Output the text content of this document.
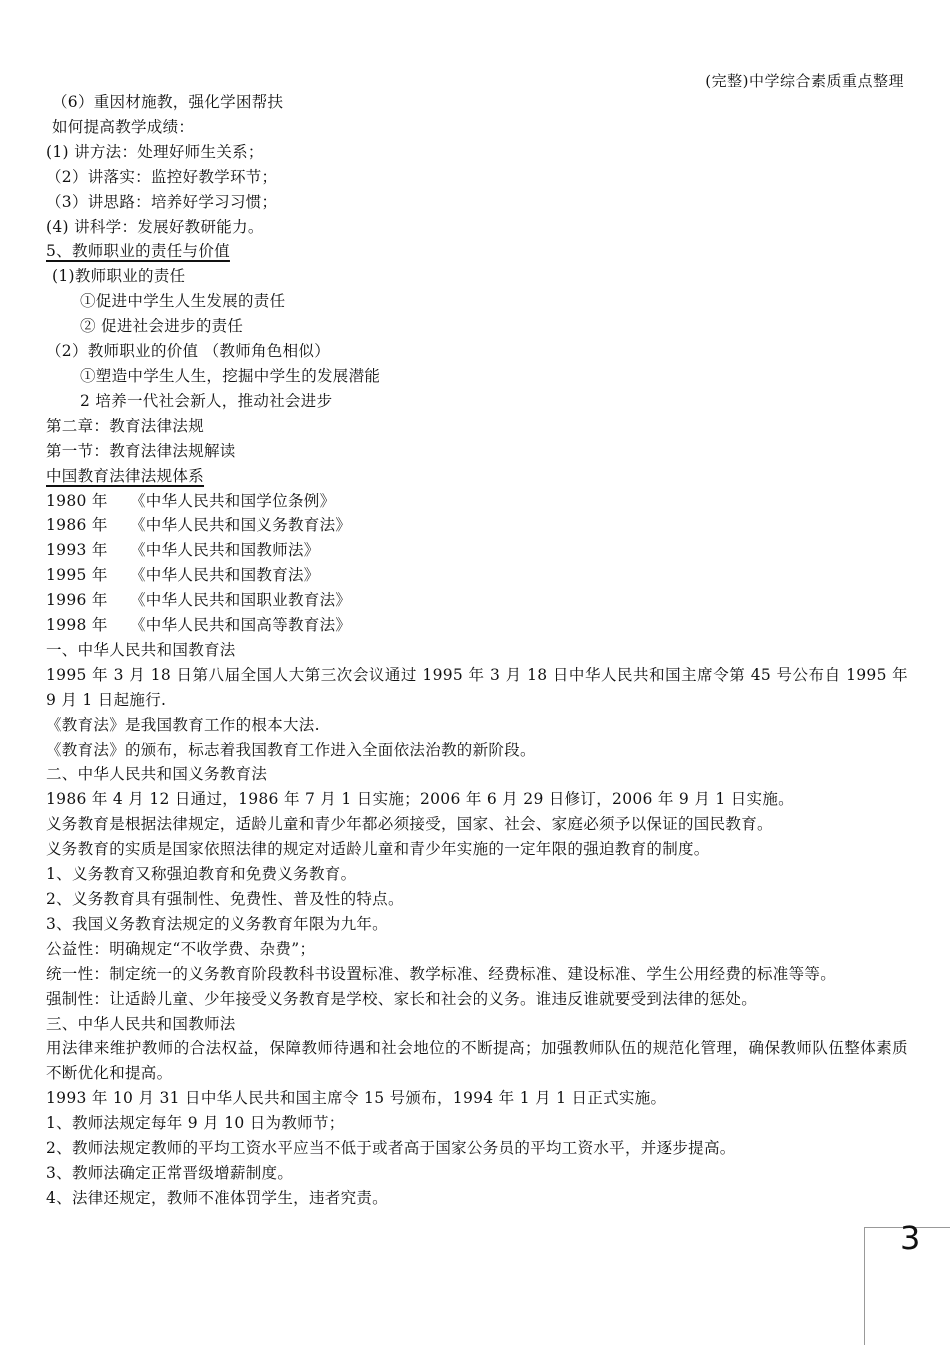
(完整)中学综合素质重点整理
（6）重因材施教，强化学困帮扶
如何提高教学成绩：
(1) 讲方法：处理好师生关系；
（2）讲落实：监控好教学环节；
（3）讲思路：培养好学习习惯；
(4) 讲科学：发展好教研能力。
5、教师职业的责任与价值
(1)教师职业的责任
①促进中学生人生发展的责任
② 促进社会进步的责任
（2）教师职业的价值 （教师角色相似）
①塑造中学生人生，挖掘中学生的发展潜能
2 培养一代社会新人，推动社会进步
第二章：教育法律法规
第一节：教育法律法规解读
中国教育法律法规体系
1980 年 《中华人民共和国学位条例》
1986 年 《中华人民共和国义务教育法》
1993 年 《中华人民共和国教师法》
1995 年 《中华人民共和国教育法》
1996 年 《中华人民共和国职业教育法》
1998 年 《中华人民共和国高等教育法》
一、中华人民共和国教育法
1995 年 3 月 18 日第八届全国人大第三次会议通过 1995 年 3 月 18 日中华人民共和国主席令第 45 号公布自 1995 年 9 月 1 日起施行.
《教育法》是我国教育工作的根本大法.
《教育法》的颁布，标志着我国教育工作进入全面依法治教的新阶段。
二、中华人民共和国义务教育法
1986 年 4 月 12 日通过，1986 年 7 月 1 日实施；2006 年 6 月 29 日修订，2006 年 9 月 1 日实施。
义务教育是根据法律规定，适龄儿童和青少年都必须接受，国家、社会、家庭必须予以保证的国民教育。
义务教育的实质是国家依照法律的规定对适龄儿童和青少年实施的一定年限的强迫教育的制度。
1、义务教育又称强迫教育和免费义务教育。
2、义务教育具有强制性、免费性、普及性的特点。
3、我国义务教育法规定的义务教育年限为九年。
公益性： 明确规定“不收学费、杂费”；
统一性： 制定统一的义务教育阶段教科书设置标准、教学标准、经费标准、建设标准、学生公用经费的标准等等。
强制性： 让适龄儿童、少年接受义务教育是学校、家长和社会的义务。谁违反谁就要受到法律的惩处。
三、中华人民共和国教师法
用法律来维护教师的合法权益，保障教师待遇和社会地位的不断提高；加强教师队伍的规范化管理，确保教师队伍整体素质不断优化和提高。
1993 年 10 月 31 日中华人民共和国主席令 15 号颁布，1994 年 1 月 1 日正式实施。
1、教师法规定每年 9 月 10 日为教师节；
2、教师法规定教师的平均工资水平应当不低于或者高于国家公务员的平均工资水平，并逐步提高。
3、教师法确定正常晋级增薪制度。
4、法律还规定，教师不准体罚学生，违者究责。
3
